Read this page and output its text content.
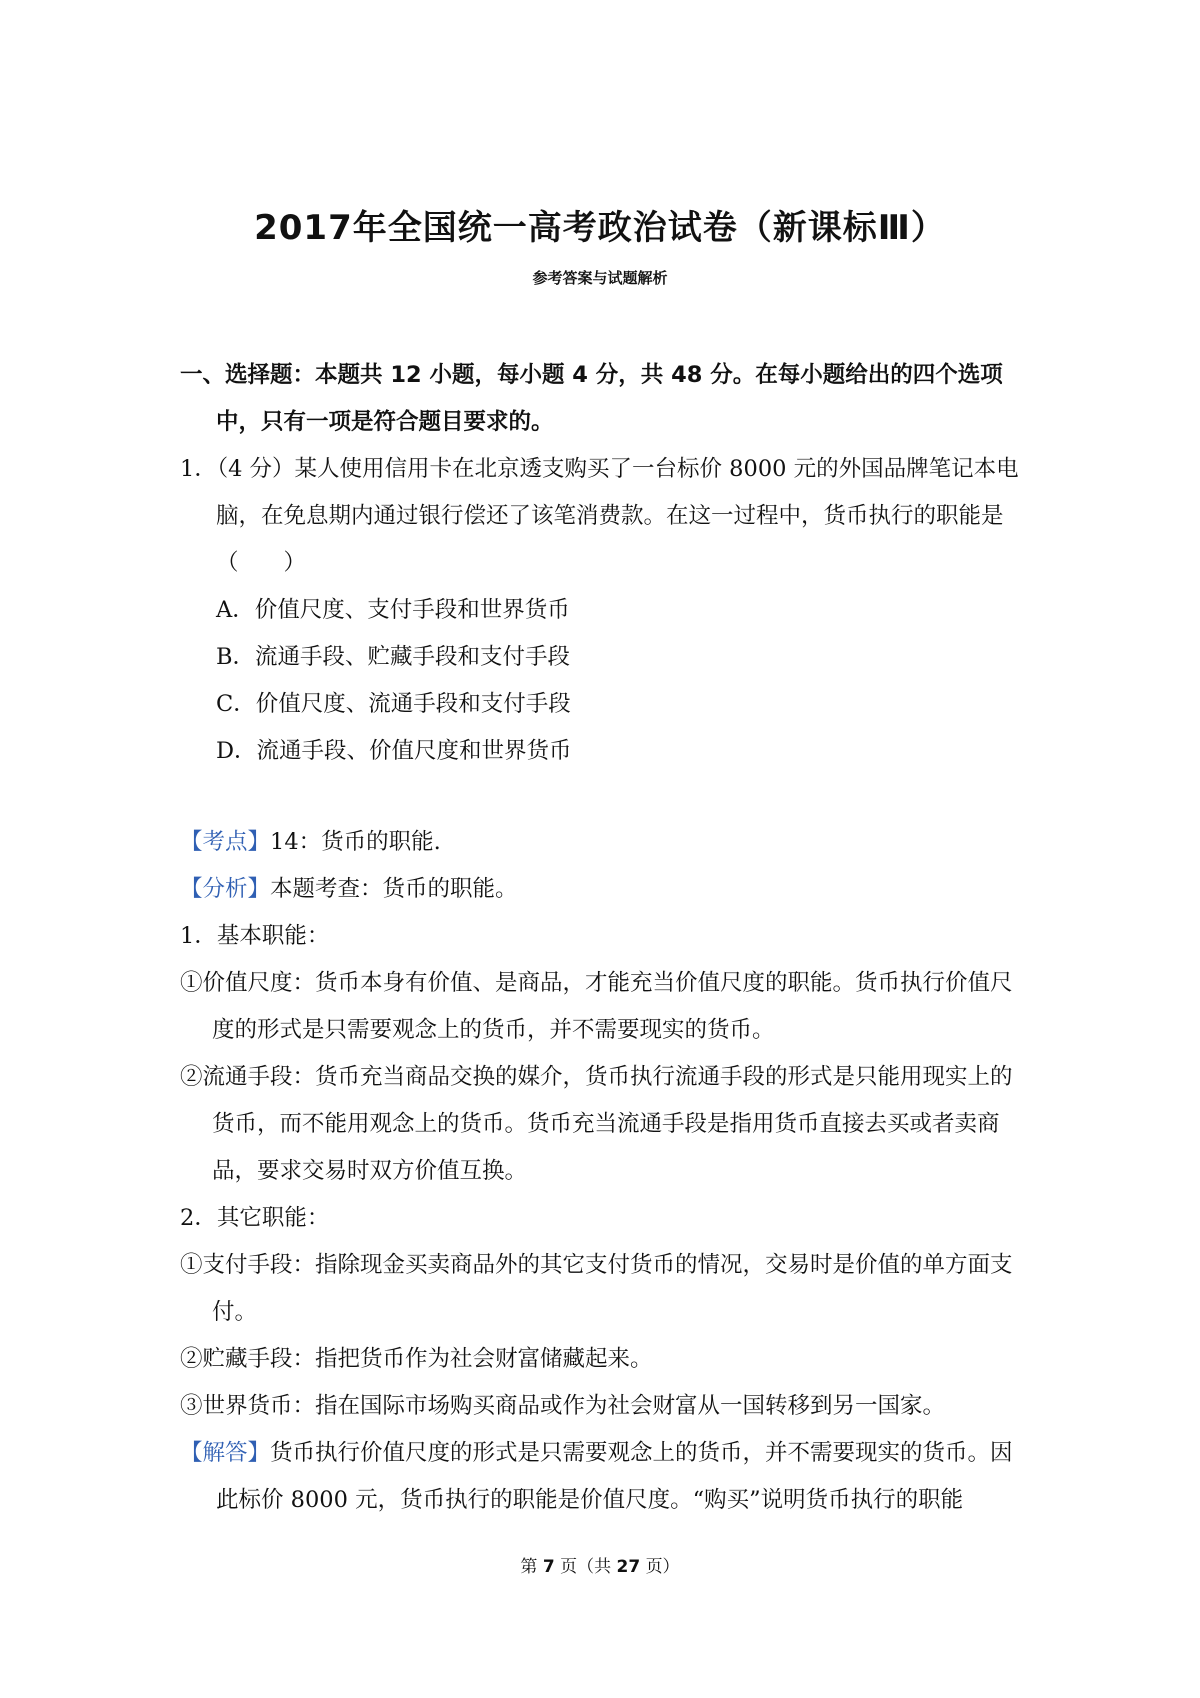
2017年全国统一高考政治试卷（新课标Ⅲ）

参考答案与试题解析

一、选择题：本题共 12 小题，每小题 4 分，共 48 分。在每小题给出的四个选项中，只有一项是符合题目要求的。

1．（4 分）某人使用信用卡在北京透支购买了一台标价 8000 元的外国品牌笔记本电脑，在免息期内通过银行偿还了该笔消费款。在这一过程中，货币执行的职能是（　　）

A．价值尺度、支付手段和世界货币

B．流通手段、贮藏手段和支付手段

C．价值尺度、流通手段和支付手段

D．流通手段、价值尺度和世界货币

【考点】14：货币的职能.

【分析】本题考查：货币的职能。

1．基本职能：

①价值尺度：货币本身有价值、是商品，才能充当价值尺度的职能。货币执行价值尺度的形式是只需要观念上的货币，并不需要现实的货币。

②流通手段：货币充当商品交换的媒介，货币执行流通手段的形式是只能用现实上的货币，而不能用观念上的货币。货币充当流通手段是指用货币直接去买或者卖商品，要求交易时双方价值互换。

2．其它职能：

①支付手段：指除现金买卖商品外的其它支付货币的情况，交易时是价值的单方面支付。

②贮藏手段：指把货币作为社会财富储藏起来。

③世界货币：指在国际市场购买商品或作为社会财富从一国转移到另一国家。

【解答】货币执行价值尺度的形式是只需要观念上的货币，并不需要现实的货币。因此标价 8000 元，货币执行的职能是价值尺度。“购买”说明货币执行的职能

第 7 页（共 27 页）
